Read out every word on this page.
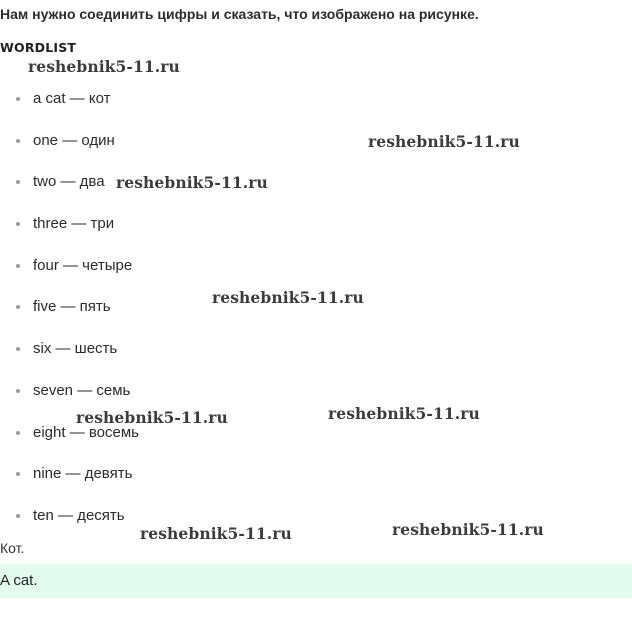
Нам нужно соединить цифры и сказать, что изображено на рисунке.

WORDLIST

a cat — кот
one — один
two — два
three — три
four — четыре
five — пять
six — шесть
seven — семь
eight — восемь
nine — девять
ten — десять

Кот.

A cat.
reshebnik5-11.ru
reshebnik5-11.ru
reshebnik5-11.ru
reshebnik5-11.ru
reshebnik5-11.ru
reshebnik5-11.ru
reshebnik5-11.ru
reshebnik5-11.ru
